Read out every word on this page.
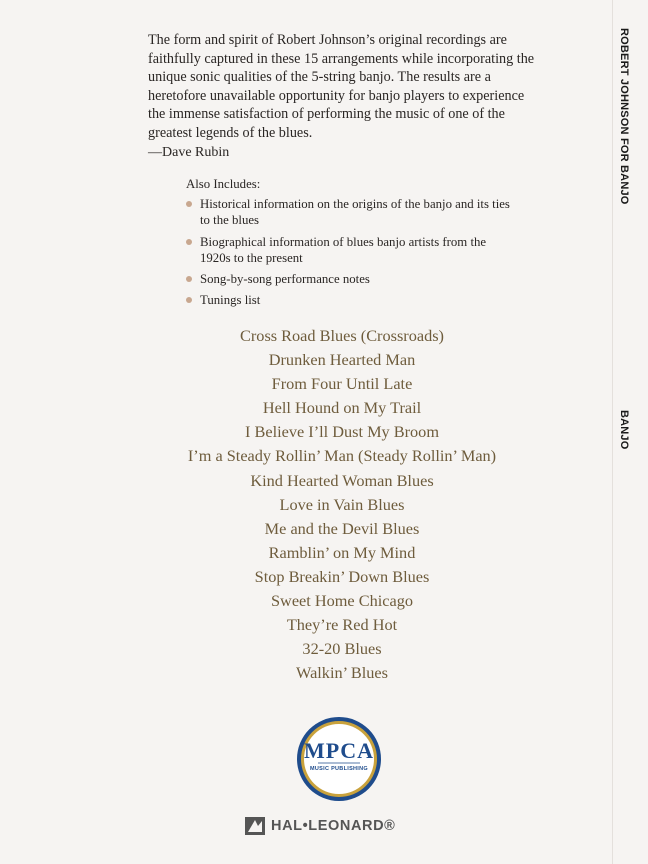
ROBERT JOHNSON FOR BANJO
BANJO

The form and spirit of Robert Johnson’s original recordings are faithfully captured in these 15 arrangements while incorporating the unique sonic qualities of the 5-string banjo. The results are a heretofore unavailable opportunity for banjo players to experience the immense satisfaction of performing the music of one of the greatest legends of the blues.

—Dave Rubin

Also Includes:

Historical information on the origins of the banjo and its ties to the blues
Biographical information of blues banjo artists from the 1920s to the present
Song-by-song performance notes
Tunings list
Cross Road Blues (Crossroads)
Drunken Hearted Man
From Four Until Late
Hell Hound on My Trail
I Believe I’ll Dust My Broom
I’m a Steady Rollin’ Man (Steady Rollin’ Man)
Kind Hearted Woman Blues
Love in Vain Blues
Me and the Devil Blues
Ramblin’ on My Mind
Stop Breakin’ Down Blues
Sweet Home Chicago
They’re Red Hot
32-20 Blues
Walkin’ Blues
MPCA
MUSIC PUBLISHING
HAL•LEONARD®
